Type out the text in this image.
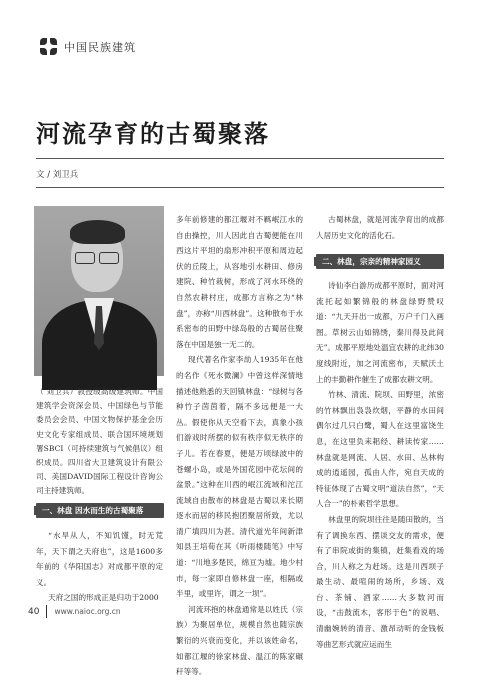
中国民族建筑
河流孕育的古蜀聚落
文 / 刘卫兵

（ 刘卫兵）教授级高级建筑师。中国建筑学会资深会员、中国绿色与节能委员会会员、中国文物保护基金会历史文化专家组成员、联合国环境规划署SBCI（可持续建筑与气候倡议）组织成员。四川省大卫建筑设计有限公司、美国DAVID国际工程设计咨询公司主持建筑师。

一、林盘 因水而生的古蜀聚落

“水旱从人，不知饥馑，时无荒年，天下谓之天府也”，这是1600多年前的《华阳国志》对成都平原的定义。

天府之国的形成正是归功于2000

多年前修建的都江堰对不羁岷江水的自由操控，川人因此自古蜀便能在川西这片平坦的扇形冲积平原和周边起伏的丘陵上，从容地引水耕田、修房建院、种竹栽树，形成了河水环绕的自然农耕村庄，成都方言称之为“林盘”，亦称“川西林盘”。这种散布于水系密布的田野中绿岛般的古蜀居住聚落在中国是独一无二的。

现代著名作家李劼人1935年在他的名作《死水微澜》中曾这样深情地描述他熟悉的天回镇林盘：“绿树与各种竹子茵茵着，隔不多远便是一大丛。假使你从天空看下去，真象小孩们游戏时所摆的似有秩序似无秩序的子儿。若在春夏，便是万顷绿波中的苍螺小岛，或是外国花园中花坛间的盆景。”这种在川西的岷江流域和沱江流域自由散布的林盘是古蜀以来长期逐水而居的移民抱团聚居所致，尤以清广填四川为甚。清代道光年间新津知县王培荀在其《听雨楼随笔》中写道：“川地多楚民，绵亘为墟。地少村市，每一家即自修林盘一座，相隔或半里，或里许，谓之一坝”。

河流环抱的林盘通常是以姓氏（宗族）为聚居单位，规模自然也随宗族繁衍的兴衰而变化，并以该姓命名，如都江堰的徐家林盘、温江的陈家碾秆等等。

古蜀林盘，就是河流孕育出的成都人居历史文化的活化石。

二、林盘，宗亲的精神家园义

诗仙李白游历成都平原时，面对河流托起如繁锦般的林盘绿野赞叹道：“九天开出一成都，万户千门入画图。草树云山如锦绣，秦川得及此间无”。成都平原地处温宜农耕的北纬30度线附近，加之河流密布，天赋沃土上的丰勤耕作催生了成都农耕文明。

竹林、清流、院坝、田野里，浓密的竹林飘出袅袅炊烟，平静的水田间偶尔过几只白鹭，蜀人在这里富饶生息，在这里负耒耜经、耕读传家……林盘就是网流、人居、水田、丛林构成的逍遥园，孤由人作，宛自天成的特征体现了古蜀文明“道法自然”，“天人合一”的朴素哲学思想。

林盘里的院坝往往是随田散的，当有了调换东西、摆谈交友的需求，便有了串院或街的集镇，赶集看戏的场合，川人称之为赶场。这是川西坝子最生动、最喧闹的场所，乡场、戏台、茶铺、酒家……大多数河而设，“击鼓流木，客形于色”的说唱、清幽婉转的清音、激昂动听的金钱板等曲艺形式就应运而生

40 www.naioc.org.cn
